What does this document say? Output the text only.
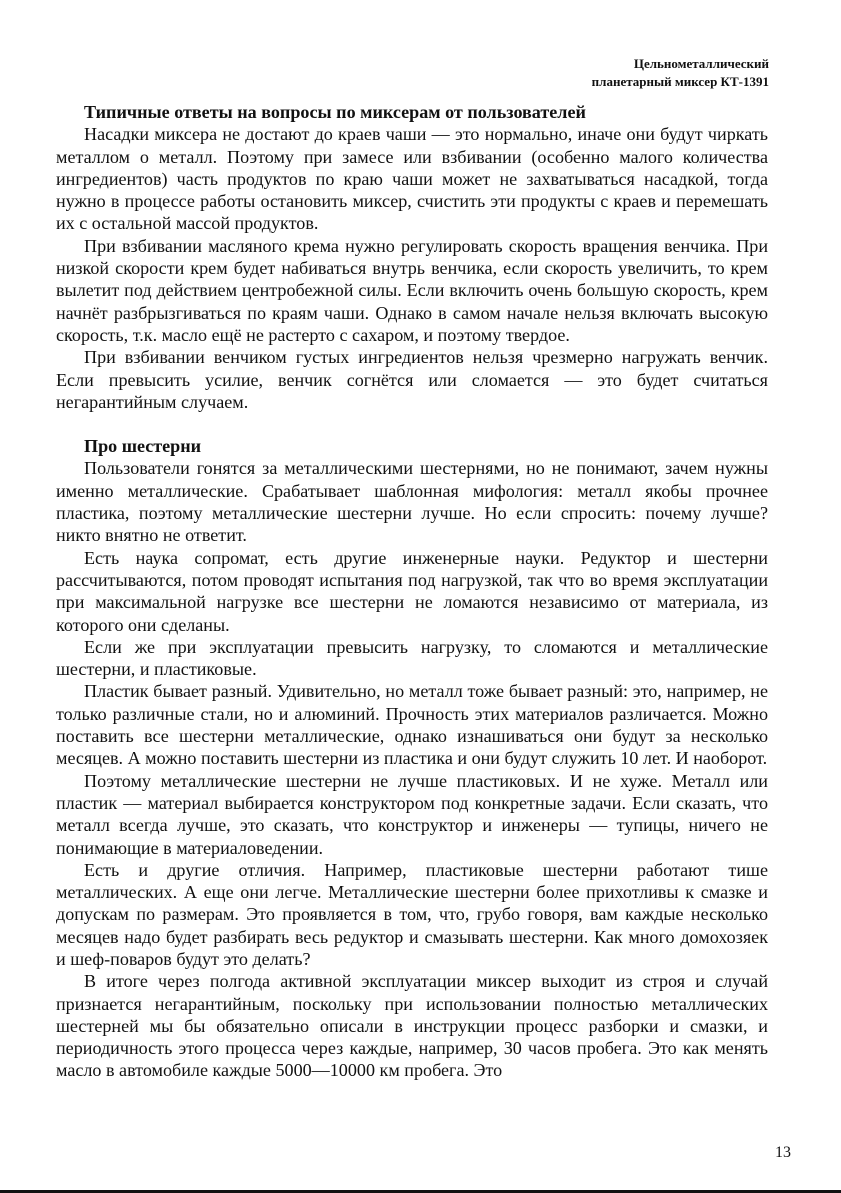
Цельнометаллический
планетарный миксер КТ-1391

Типичные ответы на вопросы по миксерам от пользователей

Насадки миксера не достают до краев чаши — это нормально, иначе они будут чиркать металлом о металл. Поэтому при замесе или взбивании (особенно малого количества ингредиентов) часть продуктов по краю чаши может не захватываться насадкой, тогда нужно в процессе работы остановить миксер, счистить эти продукты с краев и перемешать их с остальной массой продуктов.

При взбивании масляного крема нужно регулировать скорость вращения венчика. При низкой скорости крем будет набиваться внутрь венчика, если скорость увеличить, то крем вылетит под действием центробежной силы. Если включить очень большую скорость, крем начнёт разбрызгиваться по краям чаши. Однако в самом начале нельзя включать высокую скорость, т.к. масло ещё не растерто с сахаром, и поэтому твердое.

При взбивании венчиком густых ингредиентов нельзя чрезмерно нагружать венчик. Если превысить усилие, венчик согнётся или сломается — это будет считаться негарантийным случаем.

Про шестерни

Пользователи гонятся за металлическими шестернями, но не понимают, зачем нужны именно металлические. Срабатывает шаблонная мифология: металл якобы прочнее пластика, поэтому металлические шестерни лучше. Но если спросить: почему лучше? никто внятно не ответит.

Есть наука сопромат, есть другие инженерные науки. Редуктор и шестерни рассчитываются, потом проводят испытания под нагрузкой, так что во время эксплуатации при максимальной нагрузке все шестерни не ломаются независимо от материала, из которого они сделаны.

Если же при эксплуатации превысить нагрузку, то сломаются и металлические шестерни, и пластиковые.

Пластик бывает разный. Удивительно, но металл тоже бывает разный: это, например, не только различные стали, но и алюминий. Прочность этих материалов различается. Можно поставить все шестерни металлические, однако изнашиваться они будут за несколько месяцев. А можно поставить шестерни из пластика и они будут служить 10 лет. И наоборот.

Поэтому металлические шестерни не лучше пластиковых. И не хуже. Металл или пластик — материал выбирается конструктором под конкретные задачи. Если сказать, что металл всегда лучше, это сказать, что конструктор и инженеры — тупицы, ничего не понимающие в материаловедении.

Есть и другие отличия. Например, пластиковые шестерни работают тише металлических. А еще они легче. Металлические шестерни более прихотливы к смазке и допускам по размерам. Это проявляется в том, что, грубо говоря, вам каждые несколько месяцев надо будет разбирать весь редуктор и смазывать шестерни. Как много домохозяек и шеф-поваров будут это делать?

В итоге через полгода активной эксплуатации миксер выходит из строя и случай признается негарантийным, поскольку при использовании полностью металлических шестерней мы бы обязательно описали в инструкции процесс разборки и смазки, и периодичность этого процесса через каждые, например, 30 часов пробега. Это как менять масло в автомобиле каждые 5000—10000 км пробега. Это

13
